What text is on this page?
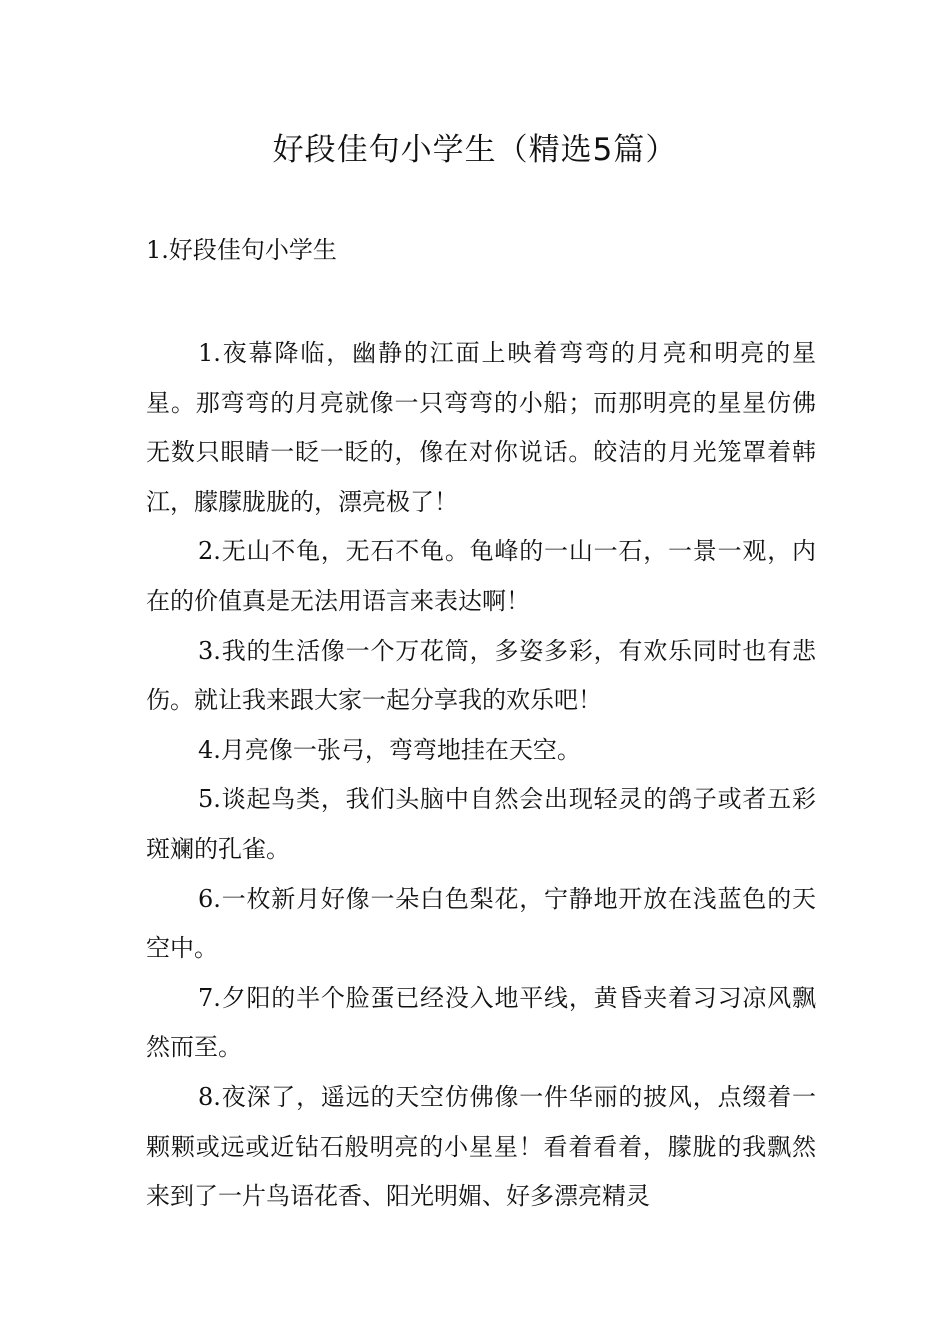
好段佳句小学生（精选5篇）
1.好段佳句小学生

1.夜幕降临，幽静的江面上映着弯弯的月亮和明亮的星星。那弯弯的月亮就像一只弯弯的小船；而那明亮的星星仿佛无数只眼睛一眨一眨的，像在对你说话。皎洁的月光笼罩着韩江，朦朦胧胧的，漂亮极了！

2.无山不龟，无石不龟。龟峰的一山一石，一景一观，内在的价值真是无法用语言来表达啊！

3.我的生活像一个万花筒，多姿多彩，有欢乐同时也有悲伤。就让我来跟大家一起分享我的欢乐吧！

4.月亮像一张弓，弯弯地挂在天空。

5.谈起鸟类，我们头脑中自然会出现轻灵的鸽子或者五彩斑斓的孔雀。

6.一枚新月好像一朵白色梨花，宁静地开放在浅蓝色的天空中。

7.夕阳的半个脸蛋已经没入地平线，黄昏夹着习习凉风飘然而至。

8.夜深了，遥远的天空仿佛像一件华丽的披风，点缀着一颗颗或远或近钻石般明亮的小星星！看着看着，朦胧的我飘然来到了一片鸟语花香、阳光明媚、好多漂亮精灵
